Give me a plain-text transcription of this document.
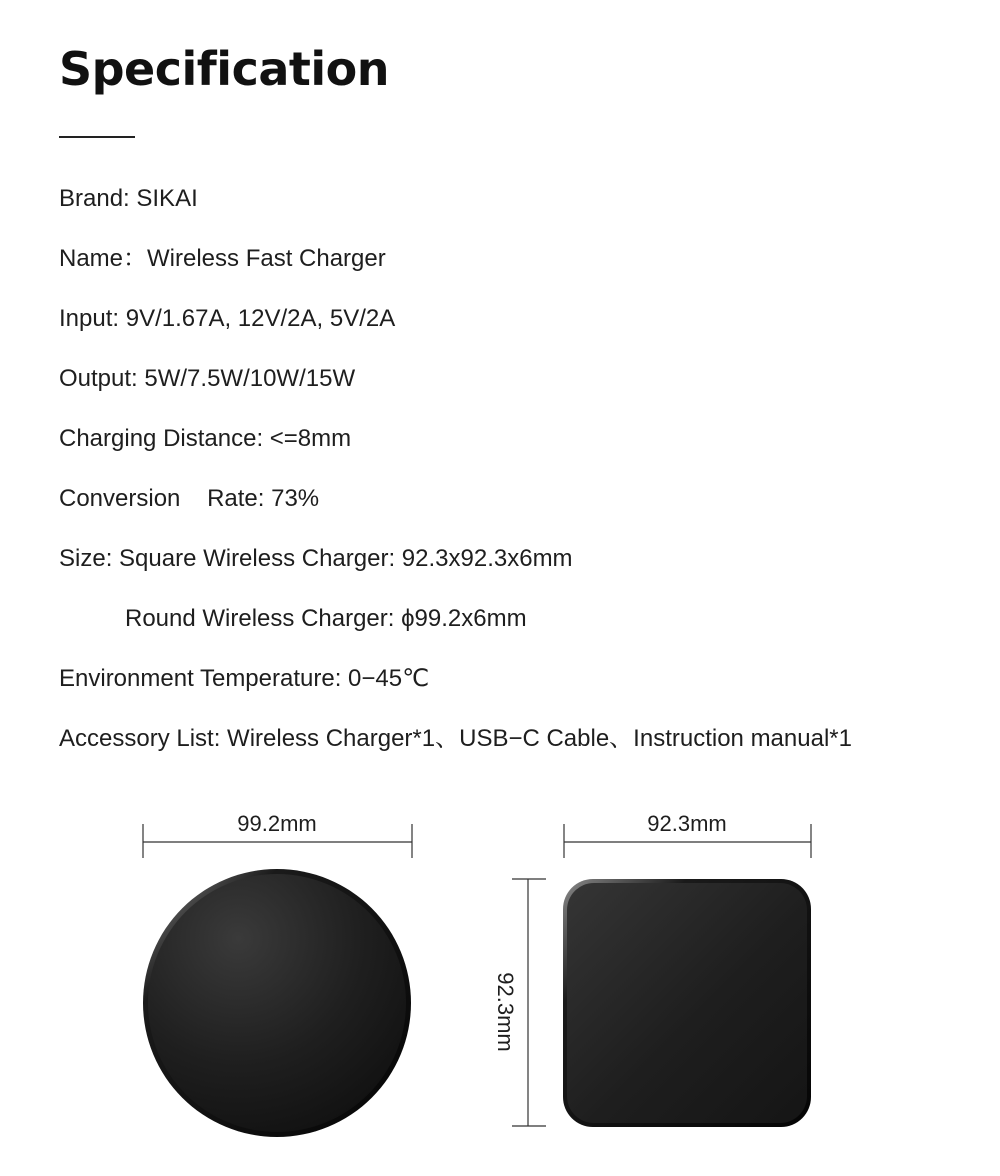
Specification
Brand: SIKAI
Name：Wireless Fast Charger
Input: 9V/1.67A, 12V/2A, 5V/2A
Output: 5W/7.5W/10W/15W
Charging Distance: <=8mm
Conversion    Rate: 73%
Size: Square Wireless Charger: 92.3x92.3x6mm
Round Wireless Charger: ϕ99.2x6mm
Environment Temperature: 0−45℃
Accessory List: Wireless Charger*1、USB−C Cable、Instruction manual*1
99.2mm	92.3mm
92.3mm
